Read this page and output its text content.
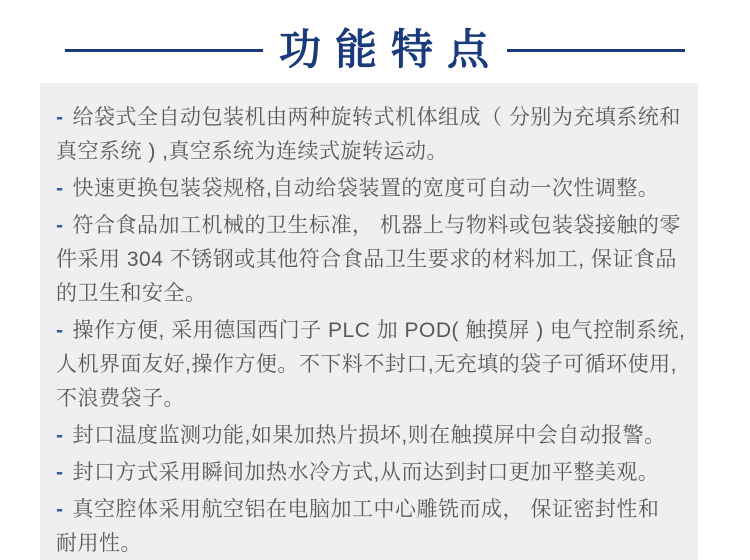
功能特点
- 给袋式全自动包装机由两种旋转式机体组成（ 分别为充填系统和
真空系统 ) ,真空系统为连续式旋转运动。
- 快速更换包装袋规格,自动给袋装置的宽度可自动一次性调整。
- 符合食品加工机械的卫生标准， 机器上与物料或包装袋接触的零
件采用 304 不锈钢或其他符合食品卫生要求的材料加工, 保证食品
的卫生和安全。
- 操作方便, 采用德国西门子 PLC 加 POD( 触摸屏 ) 电气控制系统,
人机界面友好,操作方便。不下料不封口,无充填的袋子可循环使用,
不浪费袋子。
- 封口温度监测功能,如果加热片损坏,则在触摸屏中会自动报警。
- 封口方式采用瞬间加热水冷方式,从而达到封口更加平整美观。
- 真空腔体采用航空铝在电脑加工中心雕铣而成， 保证密封性和
耐用性。
